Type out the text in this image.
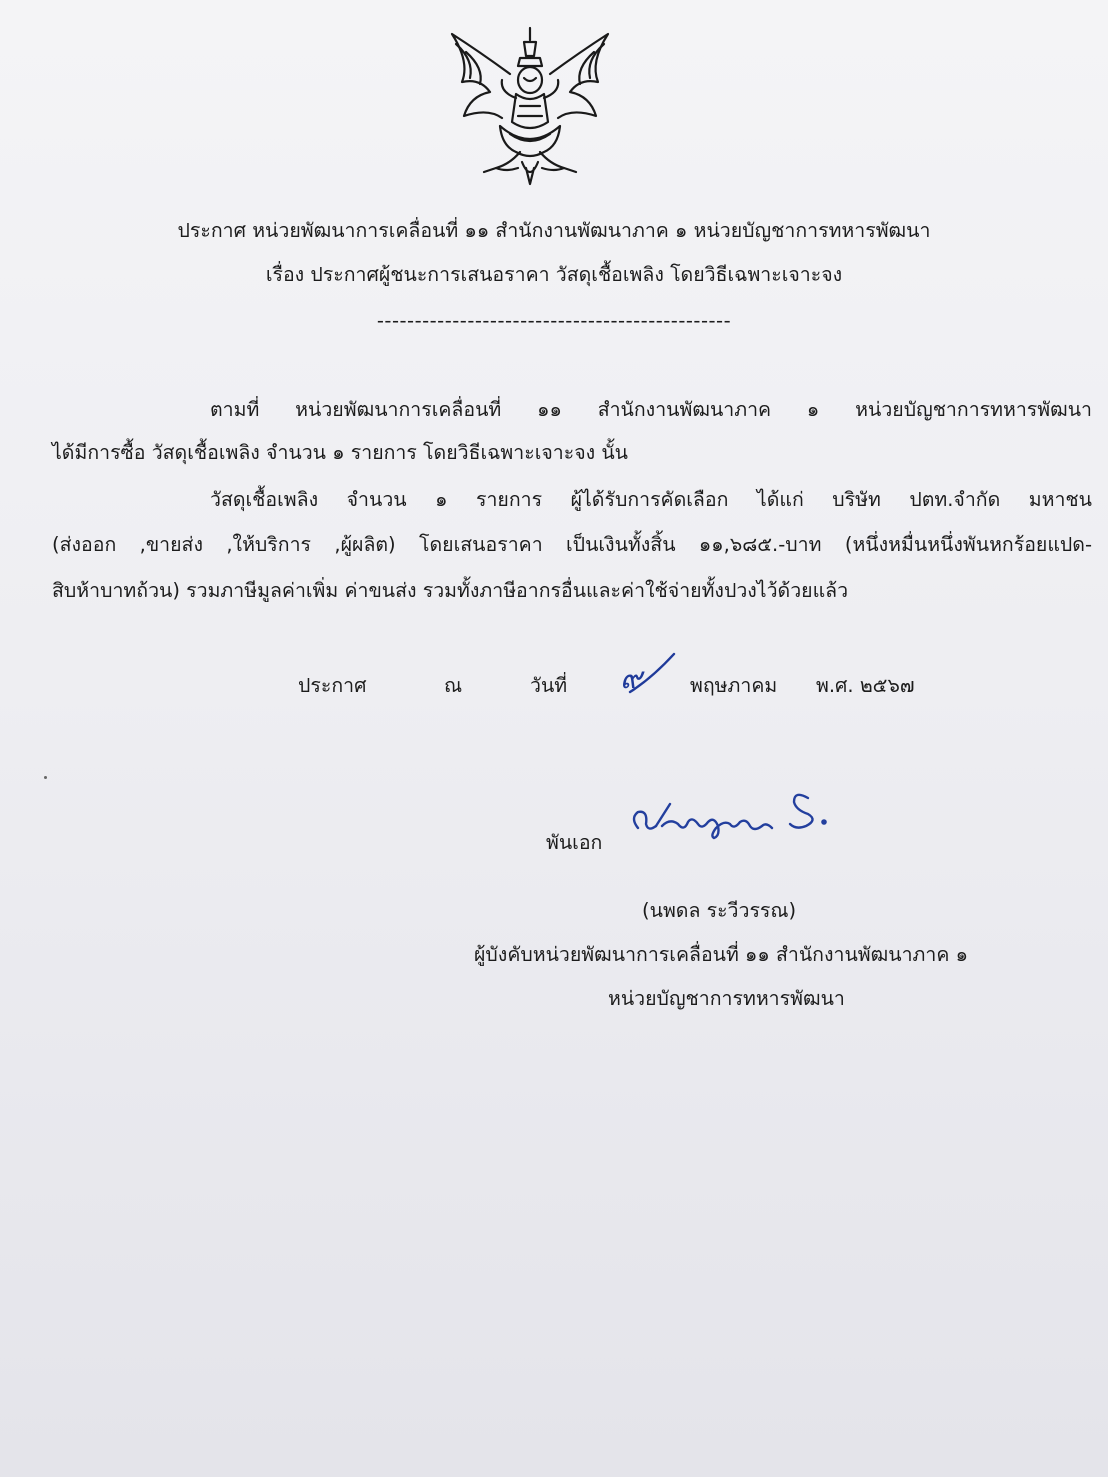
ประกาศ หน่วยพัฒนาการเคลื่อนที่ ๑๑ สำนักงานพัฒนาภาค ๑ หน่วยบัญชาการทหารพัฒนา
เรื่อง ประกาศผู้ชนะการเสนอราคา วัสดุเชื้อเพลิง โดยวิธีเฉพาะเจาะจง
-----------------------------------------------
ตามที่ หน่วยพัฒนาการเคลื่อนที่ ๑๑ สำนักงานพัฒนาภาค ๑ หน่วยบัญชาการทหารพัฒนา
ได้มีการซื้อ วัสดุเชื้อเพลิง จำนวน ๑ รายการ โดยวิธีเฉพาะเจาะจง นั้น
วัสดุเชื้อเพลิง จำนวน ๑ รายการ ผู้ได้รับการคัดเลือก ได้แก่ บริษัท ปตท.จำกัด มหาชน
(ส่งออก ,ขายส่ง ,ให้บริการ ,ผู้ผลิต) โดยเสนอราคา เป็นเงินทั้งสิ้น ๑๑,๖๘๕.-บาท (หนึ่งหมื่นหนึ่งพันหกร้อยแปด-
สิบห้าบาทถ้วน) รวมภาษีมูลค่าเพิ่ม ค่าขนส่ง รวมทั้งภาษีอากรอื่นและค่าใช้จ่ายทั้งปวงไว้ด้วยแล้ว
ประกาศ	ณ	วันที่ ๙ พฤษภาคม พ.ศ. ๒๕๖๗
พันเอก
(นพดล ระวีวรรณ)
ผู้บังคับหน่วยพัฒนาการเคลื่อนที่ ๑๑ สำนักงานพัฒนาภาค ๑
หน่วยบัญชาการทหารพัฒนา
